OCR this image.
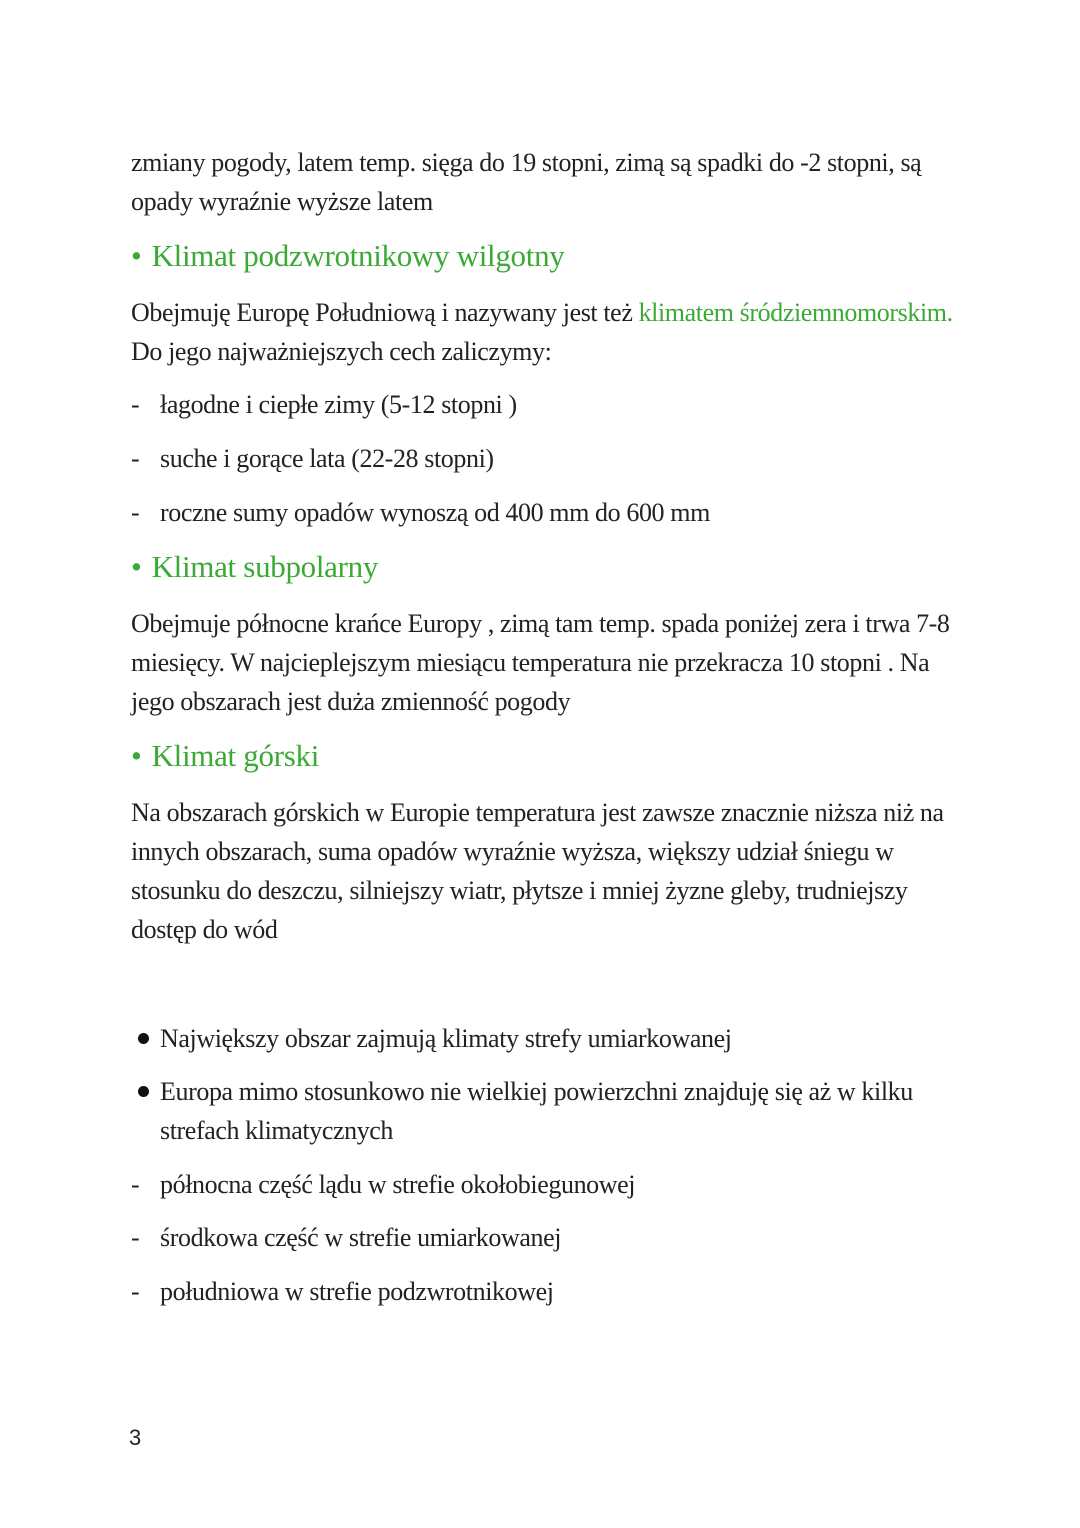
zmiany pogody, latem temp. sięga do 19 stopni, zimą są spadki do -2 stopni, są opady wyraźnie wyższe latem

• Klimat podzwrotnikowy wilgotny

Obejmuję Europę Południową i nazywany jest też klimatem śródziemnomorskim. Do jego najważniejszych cech zaliczymy:

- łagodne i ciepłe zimy (5-12 stopni )
- suche i gorące lata (22-28 stopni)
- roczne sumy opadów wynoszą od 400 mm do 600 mm
• Klimat subpolarny

Obejmuje północne krańce Europy , zimą tam temp. spada poniżej zera i trwa 7-8 miesięcy. W najcieplejszym miesiącu temperatura nie przekracza 10 stopni . Na jego obszarach jest duża zmienność pogody

• Klimat górski

Na obszarach górskich w Europie temperatura jest zawsze znacznie niższa niż na innych obszarach, suma opadów wyraźnie wyższa, większy udział śniegu w stosunku do deszczu, silniejszy wiatr, płytsze i mniej żyzne gleby, trudniejszy dostęp do wód

Największy obszar zajmują klimaty strefy umiarkowanej
Europa mimo stosunkowo nie wielkiej powierzchni znajduję się aż w kilku strefach klimatycznych
- północna część lądu w strefie okołobiegunowej
- środkowa część w strefie umiarkowanej
- południowa w strefie podzwrotnikowej
3
